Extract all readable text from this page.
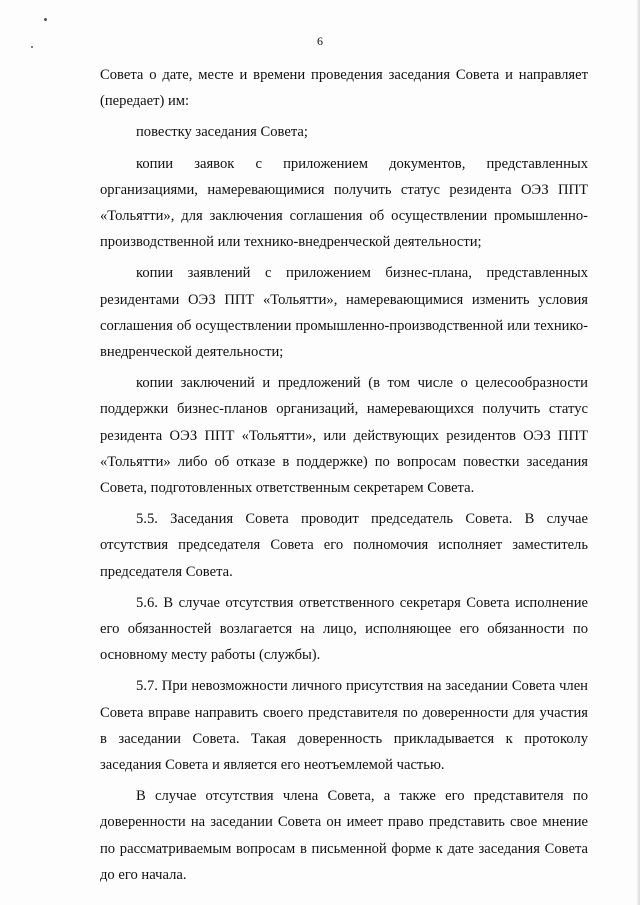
6

Совета о дате, месте и времени проведения заседания Совета и направляет (передает) им:

повестку заседания Совета;

копии заявок с приложением документов, представленных организациями, намеревающимися получить статус резидента ОЭЗ ППТ «Тольятти», для заключения соглашения об осуществлении промышленно-производственной или технико-внедренческой деятельности;

копии заявлений с приложением бизнес-плана, представленных резидентами ОЭЗ ППТ «Тольятти», намеревающимися изменить условия соглашения об осуществлении промышленно-производственной или технико-внедренческой деятельности;

копии заключений и предложений (в том числе о целесообразности поддержки бизнес-планов организаций, намеревающихся получить статус резидента ОЭЗ ППТ «Тольятти», или действующих резидентов ОЭЗ ППТ «Тольятти» либо об отказе в поддержке) по вопросам повестки заседания Совета, подготовленных ответственным секретарем Совета.

5.5. Заседания Совета проводит председатель Совета. В случае отсутствия председателя Совета его полномочия исполняет заместитель председателя Совета.

5.6. В случае отсутствия ответственного секретаря Совета исполнение его обязанностей возлагается на лицо, исполняющее его обязанности по основному месту работы (службы).

5.7. При невозможности личного присутствия на заседании Совета член Совета вправе направить своего представителя по доверенности для участия в заседании Совета. Такая доверенность прикладывается к протоколу заседания Совета и является его неотъемлемой частью.

В случае отсутствия члена Совета, а также его представителя по доверенности на заседании Совета он имеет право представить свое мнение по рассматриваемым вопросам в письменной форме к дате заседания Совета до его начала.
